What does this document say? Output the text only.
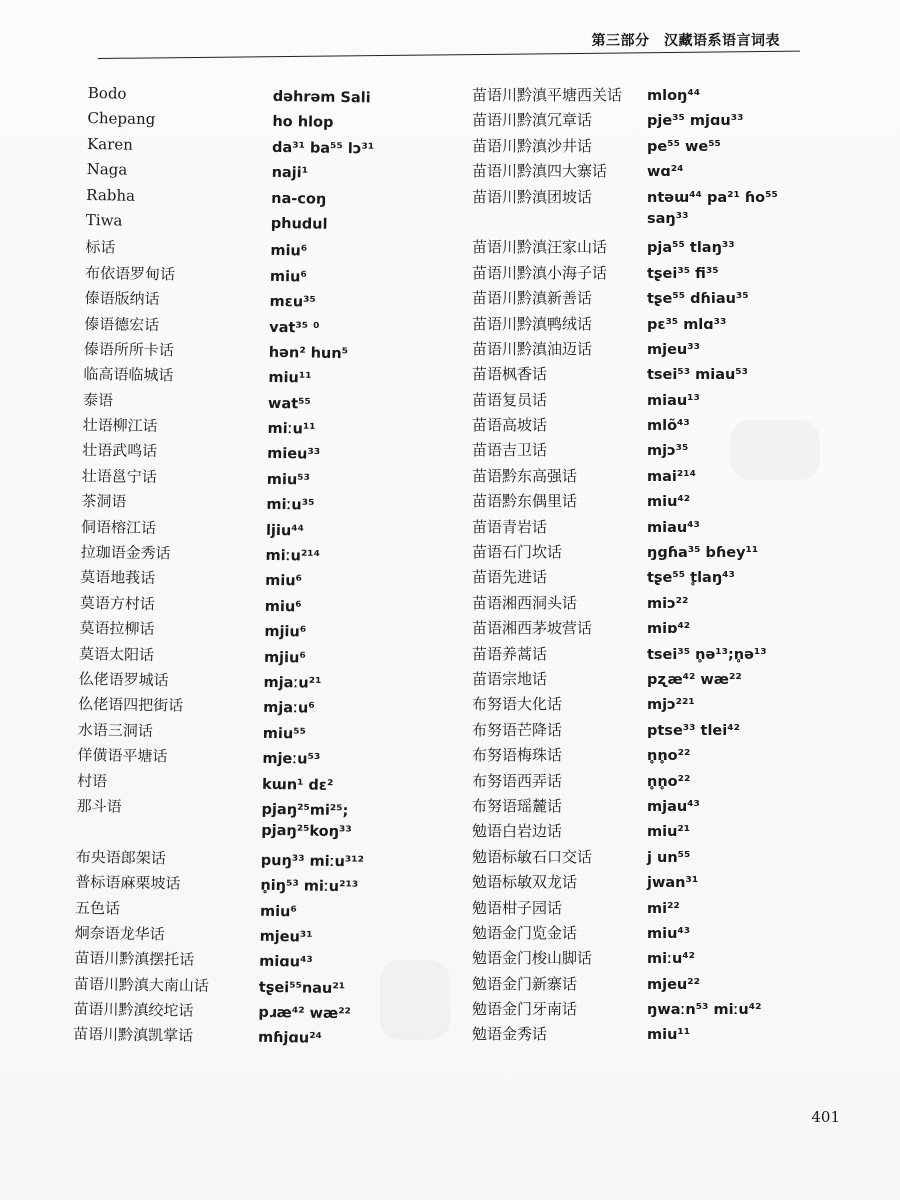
第三部分　汉藏语系语言词表
Bodo	dəhrəm Sali
Chepang	ho hlop
Karen	da³¹ ba⁵⁵ lɔ³¹
Naga	naji¹
Rabha	na-coŋ
Tiwa	phudul
标话	miu⁶
布依语罗甸话	miu⁶
傣语版纳话	mɛu³⁵
傣语德宏话	vat³⁵ ⁰
傣语所所卡话	hən² hun⁵
临高语临城话	miu¹¹
泰语	wat⁵⁵
壮语柳江话	miːu¹¹
壮语武鸣话	mieu³³
壮语邕宁话	miu⁵³
茶洞语	miːu³⁵
侗语榕江话	ljiu⁴⁴
拉珈语金秀话	miːu²¹⁴
莫语地莪话	miu⁶
莫语方村话	miu⁶
莫语拉柳话	mjiu⁶
莫语太阳话	mjiu⁶
仫佬语罗城话	mjaːu²¹
仫佬语四把街话	mjaːu⁶
水语三洞话	miu⁵⁵
佯僙语平塘话	mjeːu⁵³
村语	kɯn¹ dɛ²
那斗语	pjaŋ²⁵mi²⁵;
pjaŋ²⁵koŋ³³
布央语郎架话	puŋ³³ miːu³¹²
普标语麻栗坡话	n̥iŋ⁵³ miːu²¹³
五色话	miu⁶
炯奈语龙华话	mjeu³¹
苗语川黔滇摆托话	miɑu⁴³
苗语川黔滇大南山话	tʂei⁵⁵nau²¹
苗语川黔滇绞坨话	pɹæ⁴² wæ²²
苗语川黔滇凯掌话	mɦjɑu²⁴
苗语川黔滇平塘西关话	mloŋ⁴⁴
苗语川黔滇冗章话	pje³⁵ mjɑu³³
苗语川黔滇沙井话	pe⁵⁵ we⁵⁵
苗语川黔滇四大寨话	wɑ²⁴
苗语川黔滇团坡话	ntəɯ⁴⁴ pa²¹ ɦo⁵⁵
saŋ³³
苗语川黔滇汪家山话	pja⁵⁵ tlaŋ³³
苗语川黔滇小海子话	tʂei³⁵ fi³⁵
苗语川黔滇新善话	tʂe⁵⁵ dɦiau³⁵
苗语川黔滇鸭绒话	pɛ³⁵ mlɑ³³
苗语川黔滇油迈话	mjeu³³
苗语枫香话	tsei⁵³ miau⁵³
苗语复员话	miau¹³
苗语高坡话	mlõ⁴³
苗语吉卫话	mjɔ³⁵
苗语黔东高强话	mai²¹⁴
苗语黔东偶里话	miu⁴²
苗语青岩话	miau⁴³
苗语石门坎话	ŋgɦa³⁵ bɦey¹¹
苗语先进话	tʂe⁵⁵ t̥laŋ⁴³
苗语湘西洞头话	miɔ²²
苗语湘西茅坡营话	miɒ⁴²
苗语养蒿话	tsei³⁵ n̥ə¹³;n̥ə¹³
苗语宗地话	pʐæ⁴² wæ²²
布努语大化话	mjɔ²²¹
布努语芒降话	ptse³³ tlei⁴²
布努语梅珠话	n̥n̥o²²
布努语西弄话	n̥n̥o²²
布努语瑶麓话	mjau⁴³
勉语白岩边话	miu²¹
勉语标敏石口交话	j un⁵⁵
勉语标敏双龙话	jwan³¹
勉语柑子园话	mi²²
勉语金门览金话	miu⁴³
勉语金门梭山脚话	miːu⁴²
勉语金门新寨话	mjeu²²
勉语金门牙南话	ŋwaːn⁵³ miːu⁴²
勉语金秀话	miu¹¹
401
